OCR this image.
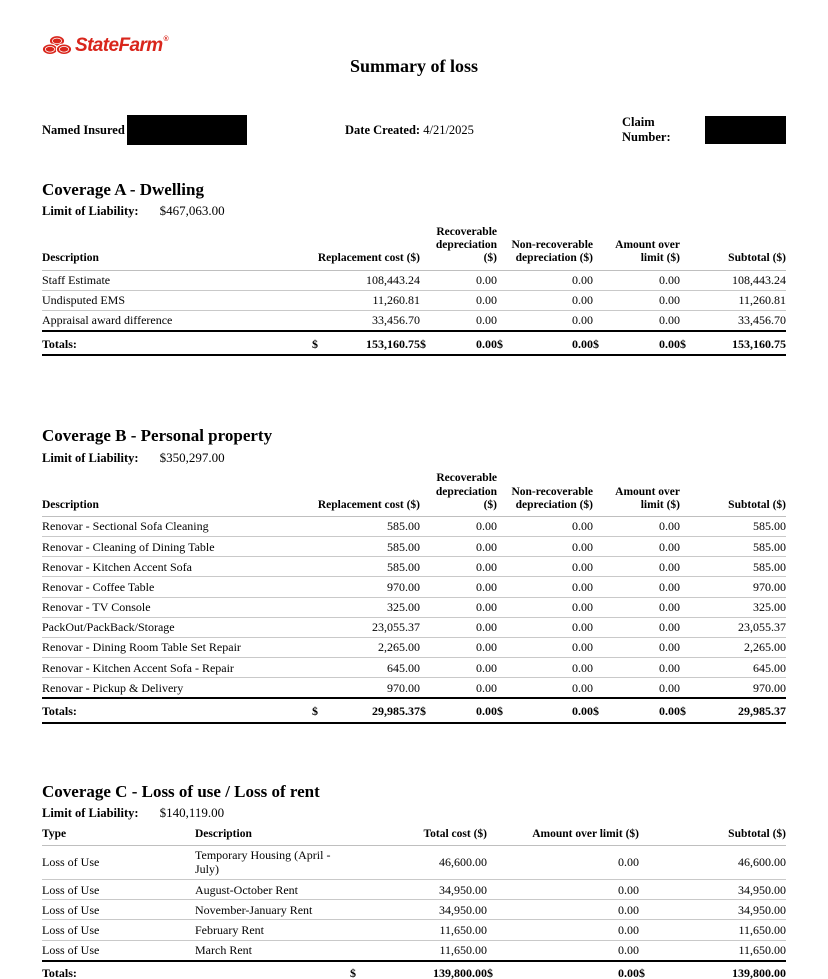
StateFarm®
Summary of loss
Named Insured	Date Created: 4/21/2025
Claim Number:
Coverage A - Dwelling
Limit of Liability: $467,063.00
Description	Replacement cost ($)	Recoverable depreciation ($)	Non-recoverable depreciation ($)	Amount over limit ($)	Subtotal ($)
Staff Estimate	108,443.24	0.00	0.00	0.00	108,443.24
Undisputed EMS	11,260.81	0.00	0.00	0.00	11,260.81
Appraisal award difference	33,456.70	0.00	0.00	0.00	33,456.70
Totals:	$ 153,160.75	$ 0.00	$ 0.00	$ 0.00	$ 153,160.75
Coverage B - Personal property
Limit of Liability: $350,297.00
Description	Replacement cost ($)	Recoverable depreciation ($)	Non-recoverable depreciation ($)	Amount over limit ($)	Subtotal ($)
Renovar - Sectional Sofa Cleaning	585.00	0.00	0.00	0.00	585.00
Renovar - Cleaning of Dining Table	585.00	0.00	0.00	0.00	585.00
Renovar - Kitchen Accent Sofa	585.00	0.00	0.00	0.00	585.00
Renovar - Coffee Table	970.00	0.00	0.00	0.00	970.00
Renovar - TV Console	325.00	0.00	0.00	0.00	325.00
PackOut/PackBack/Storage	23,055.37	0.00	0.00	0.00	23,055.37
Renovar - Dining Room Table Set Repair	2,265.00	0.00	0.00	0.00	2,265.00
Renovar - Kitchen Accent Sofa - Repair	645.00	0.00	0.00	0.00	645.00
Renovar - Pickup & Delivery	970.00	0.00	0.00	0.00	970.00
Totals:	$ 29,985.37	$ 0.00	$ 0.00	$ 0.00	$ 29,985.37
Coverage C - Loss of use / Loss of rent
Limit of Liability: $140,119.00
Type	Description	Total cost ($)	Amount over limit ($)	Subtotal ($)
Loss of Use	Temporary Housing (April - July)	46,600.00	0.00	46,600.00
Loss of Use	August-October Rent	34,950.00	0.00	34,950.00
Loss of Use	November-January Rent	34,950.00	0.00	34,950.00
Loss of Use	February Rent	11,650.00	0.00	11,650.00
Loss of Use	March Rent	11,650.00	0.00	11,650.00
Totals:		$ 139,800.00	$ 0.00	$ 139,800.00
